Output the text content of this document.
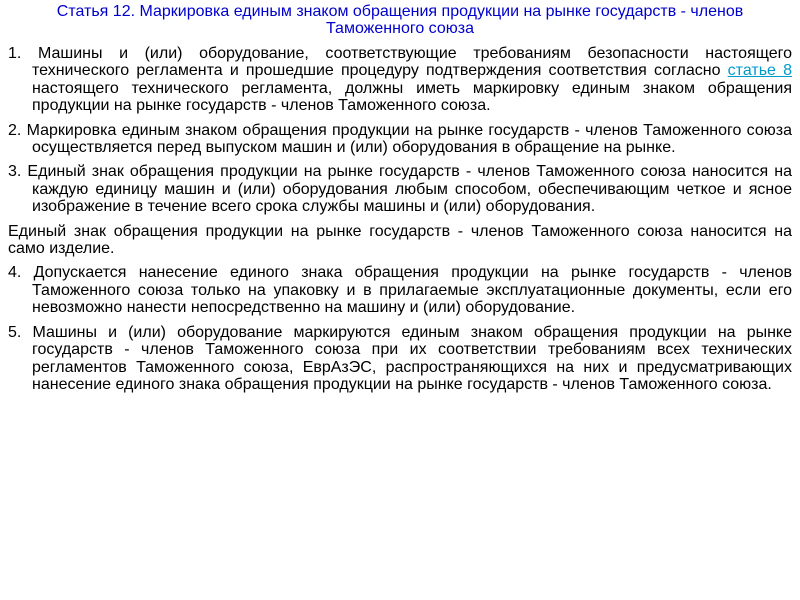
Статья 12. Маркировка единым знаком обращения продукции на рынке государств - членов Таможенного союза
1. Машины и (или) оборудование, соответствующие требованиям безопасности настоящего технического регламента и прошедшие процедуру подтверждения соответствия согласно статье 8 настоящего технического регламента, должны иметь маркировку единым знаком обращения продукции на рынке государств - членов Таможенного союза.
2. Маркировка единым знаком обращения продукции на рынке государств - членов Таможенного союза осуществляется перед выпуском машин и (или) оборудования в обращение на рынке.
3. Единый знак обращения продукции на рынке государств - членов Таможенного союза наносится на каждую единицу машин и (или) оборудования любым способом, обеспечивающим четкое и ясное изображение в течение всего срока службы машины и (или) оборудования.
Единый знак обращения продукции на рынке государств - членов Таможенного союза наносится на само изделие.
4. Допускается нанесение единого знака обращения продукции на рынке государств - членов Таможенного союза только на упаковку и в прилагаемые эксплуатационные документы, если его невозможно нанести непосредственно на машину и (или) оборудование.
5. Машины и (или) оборудование маркируются единым знаком обращения продукции на рынке государств - членов Таможенного союза при их соответствии требованиям всех технических регламентов Таможенного союза, ЕврАзЭС, распространяющихся на них и предусматривающих нанесение единого знака обращения продукции на рынке государств - членов Таможенного союза.
